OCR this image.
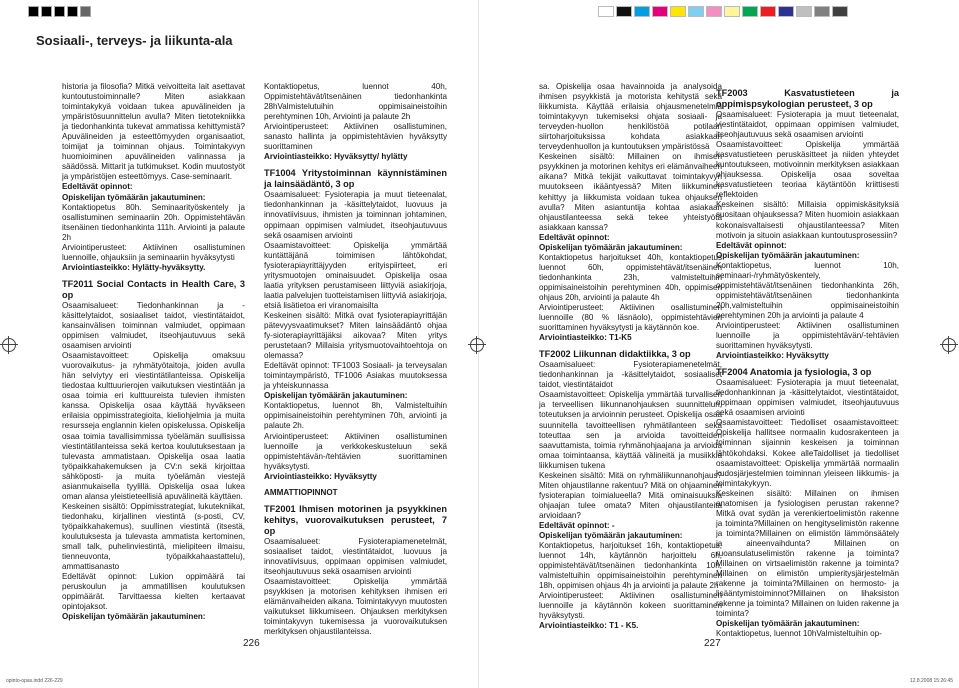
Sosiaali-, terveys- ja liikunta-ala

historia ja filosofia? Mitkä veivoitteita lait asettavat kuntoutustoiminnalle? Miten asiakkaan toimintakykyä voidaan tukea apuvälineiden ja ympäristösuunnittelun avulla? Miten tietotekniikka ja tiedonhankinta tukevat ammatissa kehittymistä? Apuvälineiden ja esteettömyyden organisaatiot, toimijat ja toiminnan ohjaus. Toimintakyvyn huomioiminen apuvälineiden valinnassa ja säädössä. Mittarit ja tutkimukset. Kodin muutostyöt ja ympäristöjen esteettömyys. Case-seminaarit.

Edeltävät opinnot:

Opiskelijan työmäärän jakautuminen:

Kontaktiopetus 80h. Seminaarityöskentely ja osallistuminen seminaariin 20h. Oppimistehtävän itsenäinen tiedonhankinta 111h. Arviointi ja palaute 2h

Arviointiperusteet: Aktiivinen osallistuminen luennoille, ohjauksiin ja seminaariin hyväksytysti

Arviointiasteikko: Hylätty-hyväksytty.

TF2011 Social Contacts in Health Care, 3 op

Osaamisalueet: Tiedonhankinnan ja -käsittelytaidot, sosiaaliset taidot, viestintätaidot, kansainvälisen toiminnan valmiudet, oppimaan oppimisen valmiudet, itseohjautuvuus sekä osaamisen arviointi

Osaamistavoitteet: Opiskelija omaksuu vuorovaikutus- ja ryhmätyötaitoja, joiden avulla hän selviytyy eri viestintätilanteissa. Opiskelija tiedostaa kulttuurierojen vaikutuksen viestintään ja osaa toimia eri kulttuureista tulevien ihmisten kanssa. Opiskelija osaa käyttää hyväkseen erilaisia oppimisstrategioita, kieliohjelmia ja muita resursseja englannin kielen opiskelussa. Opiskelija osaa toimia tavallisimmissa työelämän suullisissa viestintätilanteissa sekä kertoa koulutuksestaan ja tulevasta ammatistaan. Opiskelija osaa laatia työpaikkahakemuksen ja CV:n sekä kirjoittaa sähköposti- ja muita työelämän viestejä asianmukaisella tyylillä. Opiskelija osaa lukea oman alansa yleistieteellisiä apuvälineitä käyttäen.

Keskeinen sisältö: Oppimisstrategiat, lukutekniikat, tiedonhaku, kirjallinen viestintä (s-posti, CV, työpaikkahakemus), suullinen viestintä (itsestä, koulutuksesta ja tulevasta ammatista kertominen, small talk, puhelinviestintä, mielipiteen ilmaisu, tienneuvonta, työpaikkahaastattelu), ammattisanasto

Edeltävät opinnot: Lukion oppimäärä tai peruskoulun ja ammatillisen koulutuksen oppimäärät. Tarvittaessa kielten kertaavat opintojaksot.

Opiskelijan työmäärän jakautuminen:

Kontaktiopetus, luennot 40h, Oppimistehtävät/itsenäinen tiedonhankinta 28hValmistelutuihin oppimisaineistoihin perehtyminen 10h, Arviointi ja palaute 2h

Arviointiperusteet: Aktiivinen osallistuminen, sanasto hallinta ja oppimistehtävien hyväksytty suorittaminen

Arviointiasteikko: Hyväksytty/ hylätty

TF1004 Yritystoiminnan käynnistäminen ja lainsäädäntö, 3 op

Osaamisalueet: Fysioterapia ja muut tieteenalat, tiedonhankinnan ja -käsittelytaidot, luovuus ja innovatiivisuus, ihmisten ja toiminnan johtaminen, oppimaan oppimisen valmiudet, itseohjautuvuus sekä osaamisen arviointi

Osaamistavoitteet: Opiskelija ymmärtää kuntättäjänä toimimisen lähtökohdat, fysioterapiayrittäjyyden erityispiirteet, eri yritysmuotojen ominaisuudet. Opiskelija osaa laatia yrityksen perustamiseen liittyviä asiakirjoja, laatia palvelujen tuotteistamisen liittyviä asiakirjoja, etsiä lisätietoa eri viranomaisilta

Keskeinen sisältö: Mitkä ovat fysioterapiayrittäjän pätevyysvaatimukset? Miten lainsäädäntö ohjaa fy-sioterapiayrittäjäksi aikovaa? Miten yritys perustetaan? Millaisia yritysmuotovaihtoehtoja on olemassa?

Edeltävät opinnot: TF1003 Sosiaali- ja terveysalan toimintaympäristö, TF1006 Asiakas muutoksessa ja yhteiskunnassa

Opiskelijan työmäärän jakautuminen:

Kontaktiopetus, luennot 8h, Valmisteltuihin oppimisaineistoihin perehtyminen 70h, arviointi ja palaute 2h.

Arviointiperusteet: Aktiivinen osallistuminen luennoille ja verkkokeskusteluun sekä oppimistehtävän-/tehtävien suorittaminen hyväksytysti.

Arviointiasteikko: Hyväksytty

AMMATTIOPINNOT

TF2001 Ihmisen motorinen ja psyykkinen kehitys, vuorovaikutuksen perusteet, 7 op

Osaamisalueet: Fysioterapiamenetelmät, sosiaaliset taidot, viestintätaidot, luovuus ja innovatiivisuus, oppimaan oppimisen valmiudet, itseohjautuvuus sekä osaamisen arviointi

Osaamistavoitteet: Opiskelija ymmärtää psyykkisen ja motorisen kehityksen ihmisen eri elämänvaiheiden aikana. Toimintakyvyn muutosten vaikutukset liikkumiseen. Ohjauksen merkityksen toimintakyvyn tukemisessa ja vuorovaikutuksen merkityksen ohjaustilanteissa.

sa. Opiskelija osaa havainnoida ja analysoida ihmisen psyykkistä ja motorista kehitystä sekä liikkumista. Käyttää erilaisia ohjausmenetelmiä toimintakyvyn tukemiseksi ohjata sosiaali- ja terveyden-huollon henkilöstöä potilaan siirtoharjoituksissa kohdata asiakkaan terveydenhuollon ja kuntoutuksen ympäristössä

Keskeinen sisältö: Millainen on ihmisen psyykkinen ja motorinen kehitys eri elämänvaiheen aikana? Mitkä tekijät vaikuttavat toimintakyvyn muutokseen ikääntyessä? Miten liikkuminen kehittyy ja liikkumista voidaan tukea ohjauksen avulla? Miten asiantuntija kohtaa asiakaan ohjaustilanteessa sekä tekee yhteistyötä asiakkaan kanssa?

Edeltävät opinnot:

Opiskelijan työmäärän jakautuminen:

Kontaktiopetus harjoitukset 40h, kontaktiopetus luennot 60h, oppimistehtävät/itsenäinen tiedonhankinta 23h, valmisteltuihin oppimisaineistoihin perehtyminen 40h, oppimisen ohjaus 20h, arviointi ja palaute 4h

Arviointiperusteet: Aktiivinen osallistuminen luennoille (80 % läsnäolo), oppimistehtävien suorittaminen hyväksytysti ja käytännön koe.

Arviointiasteikko: T1-K5

TF2002 Liikunnan didaktiikka, 3 op

Osaamisalueet: Fysioterapiamenetelmät, tiedonhankinnan ja -käsittelytaidot, sosiaaliset taidot, viestintätaidot

Osaamistavoitteet: Opiskelija ymmärtää turvallisen ja terveellisen liikunnanohjauksen suunnittelun, toteutuksen ja arvioinnin perusteet. Opiskelija osaa suunnitella tavoitteellisen ryhmätilanteen sekä toteuttaa sen ja arvioida tavoitteiden saavuttamista, toimia ryhmänohjaajana ja arvioida omaa toimintaansa, käyttää välineitä ja musiikkia liikkumisen tukena

Keskeinen sisältö: Mitä on ryhmäliikunnanohjaus? Miten ohjaustilanne rakentuu? Mitä on ohjaaminen fysioterapian toimialueella? Mitä ominaisuuksia ohjaajan tulee omata? Miten ohjaustilanteita arvioidaan?

Edeltävät opinnot: -

Opiskelijan työmäärän jakautuminen:

Kontaktiopetus, harjoitukset 16h, kontaktiopetus, luennot 14h, käytännön harjoittelu 6h, oppimistehtävät/itsenäinen tiedonhankinta 10h, valmisteltuihin oppimisaineistoihin perehtyminen 18h, oppimisen ohjaus 4h ja arviointi ja palaute 2h

Arviointiperusteet: Aktiivinen osallistuminen luennoille ja käytännön kokeen suorittaminen hyväksytysti.

Arviointiasteikko: T1 - K5.

TF2003 Kasvatustieteen ja oppimispsykologian perusteet, 3 op

Osaamisalueet: Fysioterapia ja muut tieteenalat, viestintätaidot, oppimaan oppimisen valmiudet, itseohjautuvuus sekä osaamisen arviointi

Osaamistavoitteet: Opiskelija ymmärtää kasvatustieteen peruskäsitteet ja niiden yhteydet kuntoutukseen, motivoinnin merkityksen asiakkaan ohjauksessa. Opiskelija osaa soveltaa kasvatustieteen teoriaa käytäntöön kriittisesti reflektoiden

Keskeinen sisältö: Millaisia oppimiskäsityksiä suositaan ohjauksessa? Miten huomioin asiakkaan kokonaisvaltaisesti ohjaustilanteessa? Miten motivoin ja situoin asiakkaan kuntoutusprosessiin?

Edeltävät opinnot:

Opiskelijan työmäärän jakautuminen:

Kontaktiopetus, luennot 10h, seminaari-/ryhmätyöskentely, oppimistehtävät/itsenäinen tiedonhankinta 26h, oppimistehtävät/itsenäinen tiedonhankinta 20h,valmisteltuihin oppimisaineistoihin perehtyminen 20h ja arviointi ja palaute 4

Arviointiperusteet: Aktiivinen osallistuminen luennoille ja oppimistehtävän/-tehtävien suorittaminen hyväksytysti.

Arviointiasteikko: Hyväksytty

TF2004 Anatomia ja fysiologia, 3 op

Osaamisalueet: Fysioterapia ja muut tieteenalat, tiedonhankinnan ja -käsittelytaidot, viestintätaidot, oppimaan oppimisen valmiudet, itseohjautuvuus sekä osaamisen arviointi

Osaamistavoitteet: Tiedolliset osaamistavoitteet: Opiskelija hallitsee normaalin kudosrakenteen ja toiminnan sijainnin keskeisen ja toiminnan lähtökohdaksi. Kokee alleTaidolliset ja tiedolliset osaamistavoitteet: Opiskelija ymmärtää normaalin kudosjärjestelmien toiminnan yleiseen liikkumis- ja toimintakykyyn.

Keskeinen sisältö: Millainen on ihmisen anatomisen ja fysiologisen perustan rakenne?Mitkä ovat sydän ja verenkiertoelimistön rakenne ja toiminta?Millainen on hengityselimistön rakenne ja toiminta?Millainen on elimistön lämmönsäätely ja aineenvaihdunta? Millainen on ruoansulatuselimistön rakenne ja toiminta?Millainen on virtsaelimistön rakenne ja toiminta?Millainen on elimistön umpieritysjärjestelmän rakenne ja toiminta?Millainen on hermosto- ja lisääntymistoiminnot?Millainen on lihaksiston rakenne ja toiminta? Millainen on luiden rakenne ja toiminta?

Opiskelijan työmäärän jakautuminen:

Kontaktiopetus, luennot 10hValmisteltuihin op-

226	227
opinto-opas.indd 226-229	12.8.2008 15:26:45
